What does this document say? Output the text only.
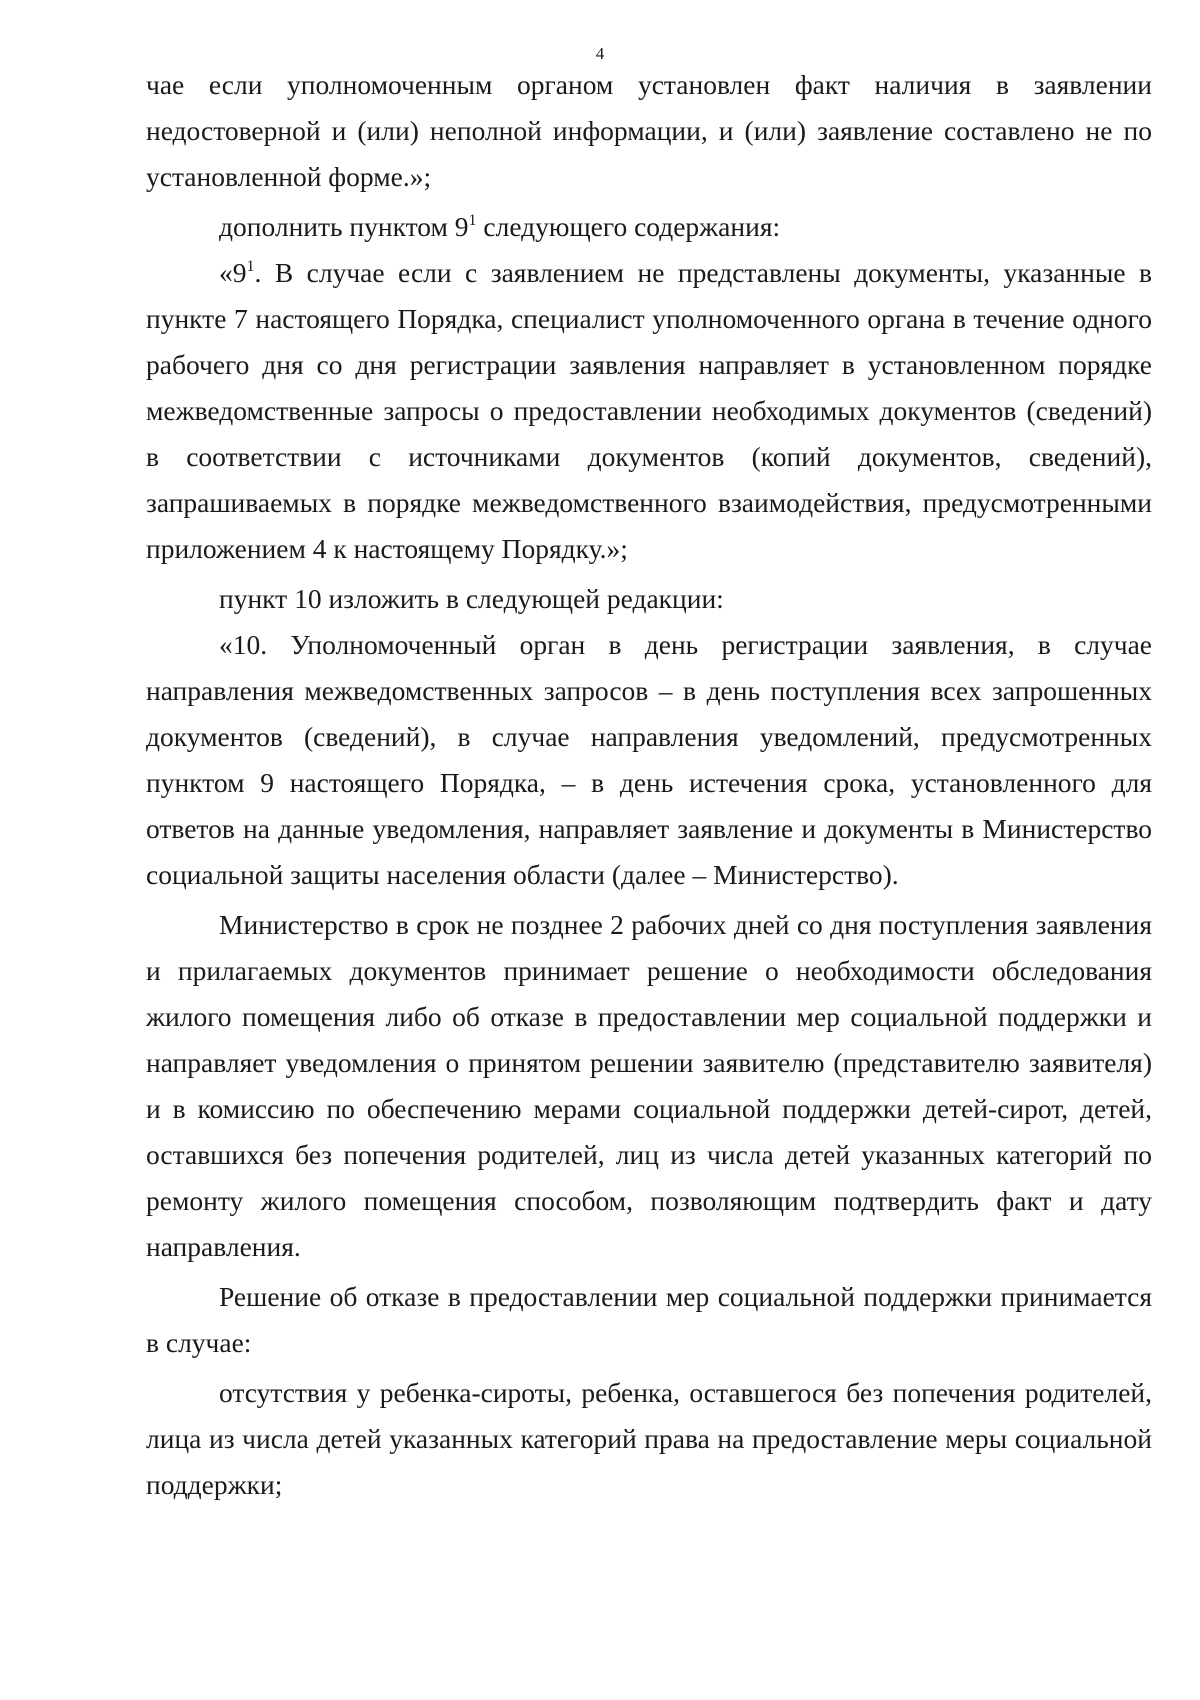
4

чае если уполномоченным органом установлен факт наличия в заявлении недостоверной и (или) неполной информации, и (или) заявление составлено не по установленной форме.»;

дополнить пунктом $9^1$ следующего содержания:

«$9^1$. В случае если с заявлением не представлены документы, указанные в пункте 7 настоящего Порядка, специалист уполномоченного органа в течение одного рабочего дня со дня регистрации заявления направляет в установленном порядке межведомственные запросы о предоставлении необходимых документов (сведений) в соответствии с источниками документов (копий документов, сведений), запрашиваемых в порядке межведомственного взаимодействия, предусмотренными приложением 4 к настоящему Порядку.»;

пункт 10 изложить в следующей редакции:

«10. Уполномоченный орган в день регистрации заявления, в случае направления межведомственных запросов – в день поступления всех запрошенных документов (сведений), в случае направления уведомлений, предусмотренных пунктом 9 настоящего Порядка, – в день истечения срока, установленного для ответов на данные уведомления, направляет заявление и документы в Министерство социальной защиты населения области (далее – Министерство).

Министерство в срок не позднее 2 рабочих дней со дня поступления заявления и прилагаемых документов принимает решение о необходимости обследования жилого помещения либо об отказе в предоставлении мер социальной поддержки и направляет уведомления о принятом решении заявителю (представителю заявителя) и в комиссию по обеспечению мерами социальной поддержки детей-сирот, детей, оставшихся без попечения родителей, лиц из числа детей указанных категорий по ремонту жилого помещения способом, позволяющим подтвердить факт и дату направления.

Решение об отказе в предоставлении мер социальной поддержки принимается в случае:

отсутствия у ребенка-сироты, ребенка, оставшегося без попечения родителей, лица из числа детей указанных категорий права на предоставление меры социальной поддержки;
